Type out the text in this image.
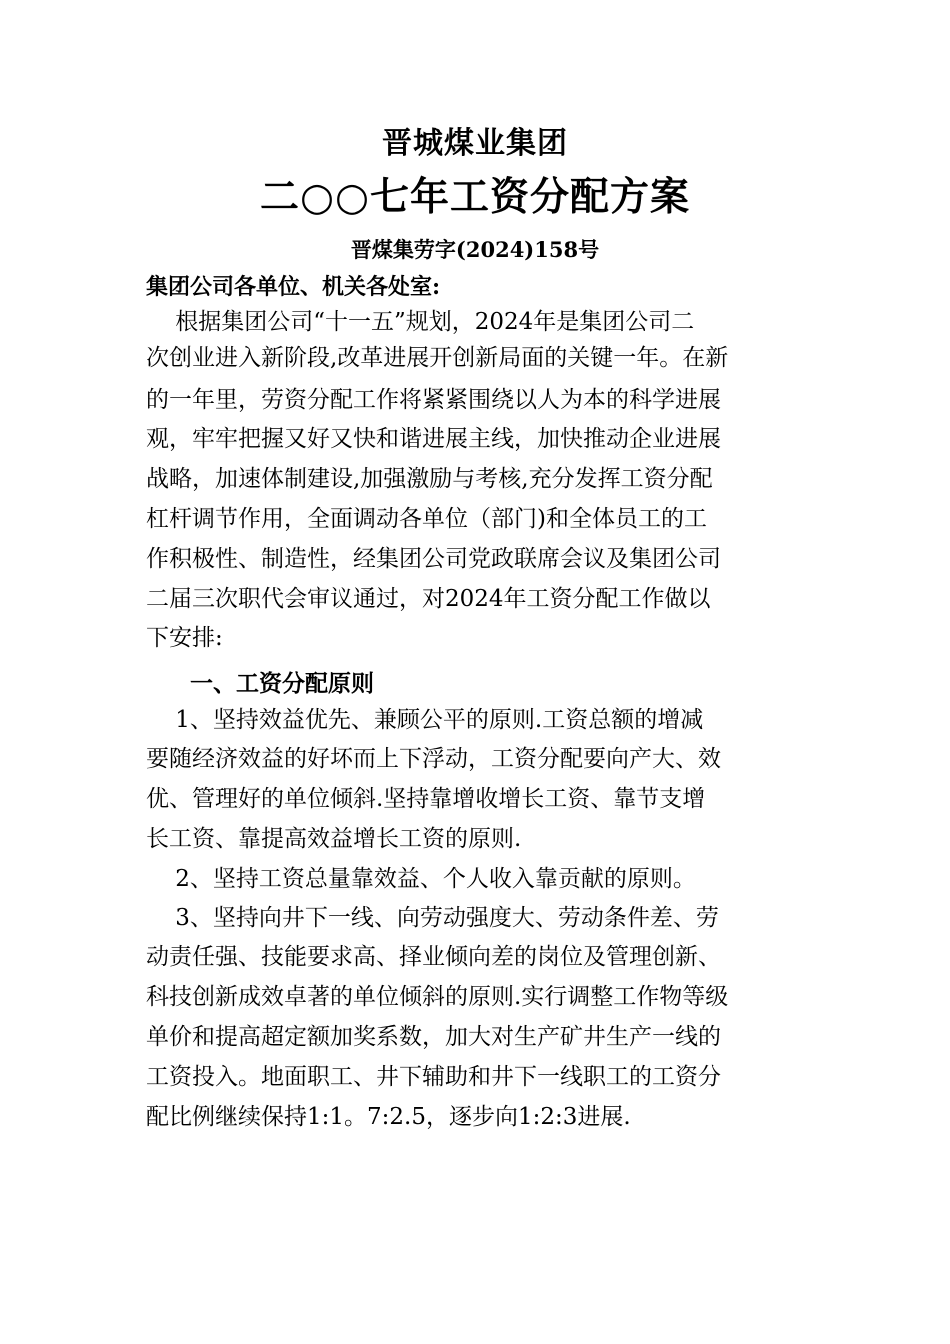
晋城煤业集团
二○○七年工资分配方案
晋煤集劳字(2024)158号
集团公司各单位、机关各处室:
根据集团公司“十一五”规划，2024年是集团公司二
次创业进入新阶段,改革进展开创新局面的关键一年。在新
的一年里，劳资分配工作将紧紧围绕以人为本的科学进展
观，牢牢把握又好又快和谐进展主线，加快推动企业进展
战略，加速体制建设,加强激励与考核,充分发挥工资分配
杠杆调节作用，全面调动各单位（部门)和全体员工的工
作积极性、制造性，经集团公司党政联席会议及集团公司
二届三次职代会审议通过，对2024年工资分配工作做以
下安排:
一、工资分配原则
1、坚持效益优先、兼顾公平的原则.工资总额的增减
要随经济效益的好坏而上下浮动，工资分配要向产大、效
优、管理好的单位倾斜.坚持靠增收增长工资、靠节支增
长工资、靠提高效益增长工资的原则.
2、坚持工资总量靠效益、个人收入靠贡献的原则。
3、坚持向井下一线、向劳动强度大、劳动条件差、劳
动责任强、技能要求高、择业倾向差的岗位及管理创新、
科技创新成效卓著的单位倾斜的原则.实行调整工作物等级
单价和提高超定额加奖系数，加大对生产矿井生产一线的
工资投入。地面职工、井下辅助和井下一线职工的工资分
配比例继续保持1:1。7:2.5，逐步向1:2:3进展.
